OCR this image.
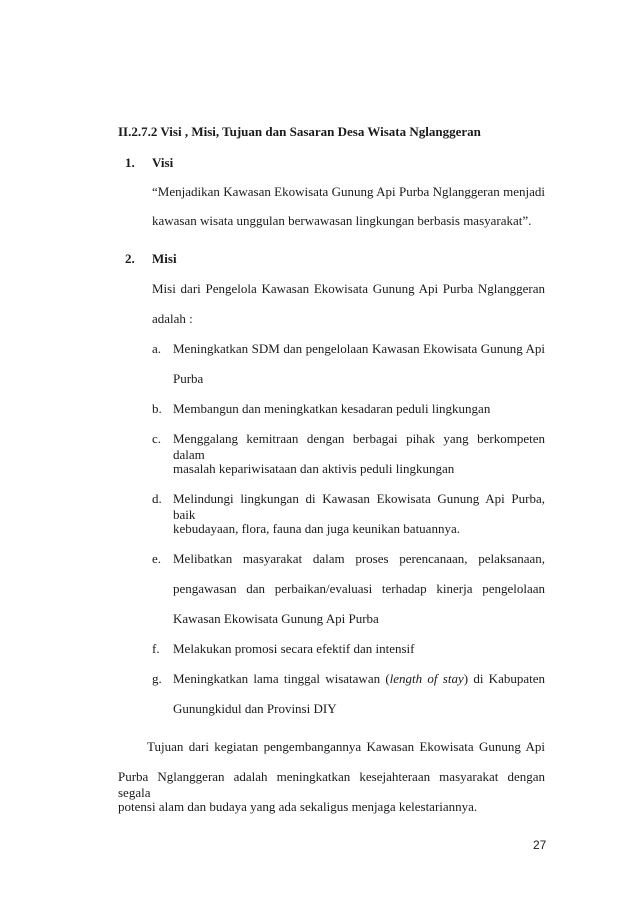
II.2.7.2 Visi , Misi, Tujuan dan Sasaran Desa Wisata Nglanggeran
1. Visi
“Menjadikan Kawasan Ekowisata Gunung Api Purba Nglanggeran menjadi
kawasan wisata unggulan berwawasan lingkungan berbasis masyarakat”.
2. Misi
Misi dari Pengelola Kawasan Ekowisata Gunung Api Purba Nglanggeran
adalah :
a. Meningkatkan SDM dan pengelolaan Kawasan Ekowisata Gunung Api
Purba
b. Membangun dan meningkatkan kesadaran peduli lingkungan
c. Menggalang kemitraan dengan berbagai pihak yang berkompeten dalam
masalah kepariwisataan dan aktivis peduli lingkungan
d. Melindungi lingkungan di Kawasan Ekowisata Gunung Api Purba, baik
kebudayaan, flora, fauna dan juga keunikan batuannya.
e. Melibatkan masyarakat dalam proses perencanaan, pelaksanaan,
pengawasan dan perbaikan/evaluasi terhadap kinerja pengelolaan
Kawasan Ekowisata Gunung Api Purba
f. Melakukan promosi secara efektif dan intensif
g. Meningkatkan lama tinggal wisatawan (length of stay) di Kabupaten
Gunungkidul dan Provinsi DIY
Tujuan dari kegiatan pengembangannya Kawasan Ekowisata Gunung Api
Purba Nglanggeran adalah meningkatkan kesejahteraan masyarakat dengan segala
potensi alam dan budaya yang ada sekaligus menjaga kelestariannya.
27
